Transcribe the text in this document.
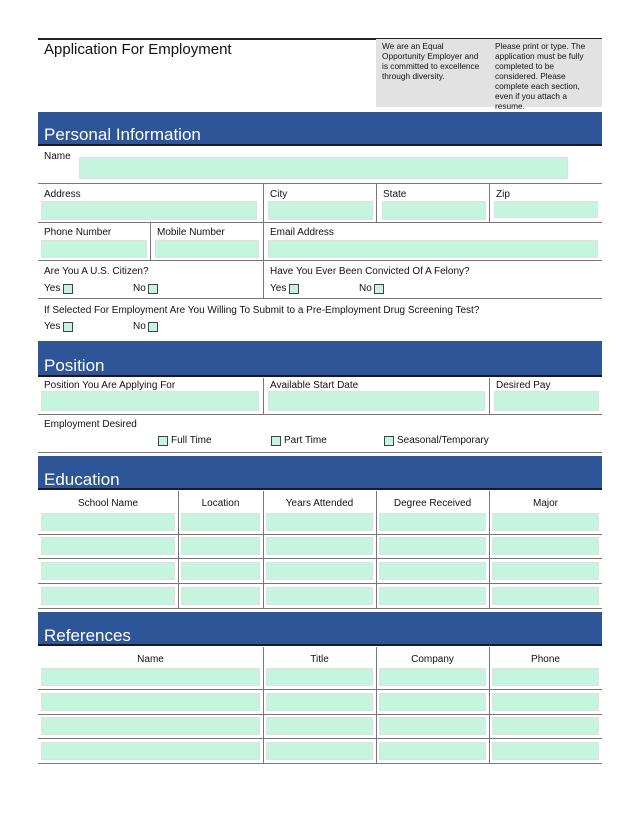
Application For Employment	We are an Equal Opportunity Employer and is committed to excellence through diversity.
Please print or type. The application must be fully completed to be considered. Please complete each section, even if you attach a resume.
Personal Information
Name
Address	City	State	Zip
Phone Number	Mobile Number	Email Address
Are You A U.S. Citizen?	Have You Ever Been Convicted Of A Felony?
Yes	No	Yes	No
If Selected For Employment Are You Willing To Submit to a Pre-Employment Drug Screening Test?
Yes	No
Position
Position You Are Applying For	Available Start Date	Desired Pay
Employment Desired
Full Time	Part Time	Seasonal/Temporary
Education
School Name	Location	Years Attended	Degree Received	Major
References
Name	Title	Company	Phone
